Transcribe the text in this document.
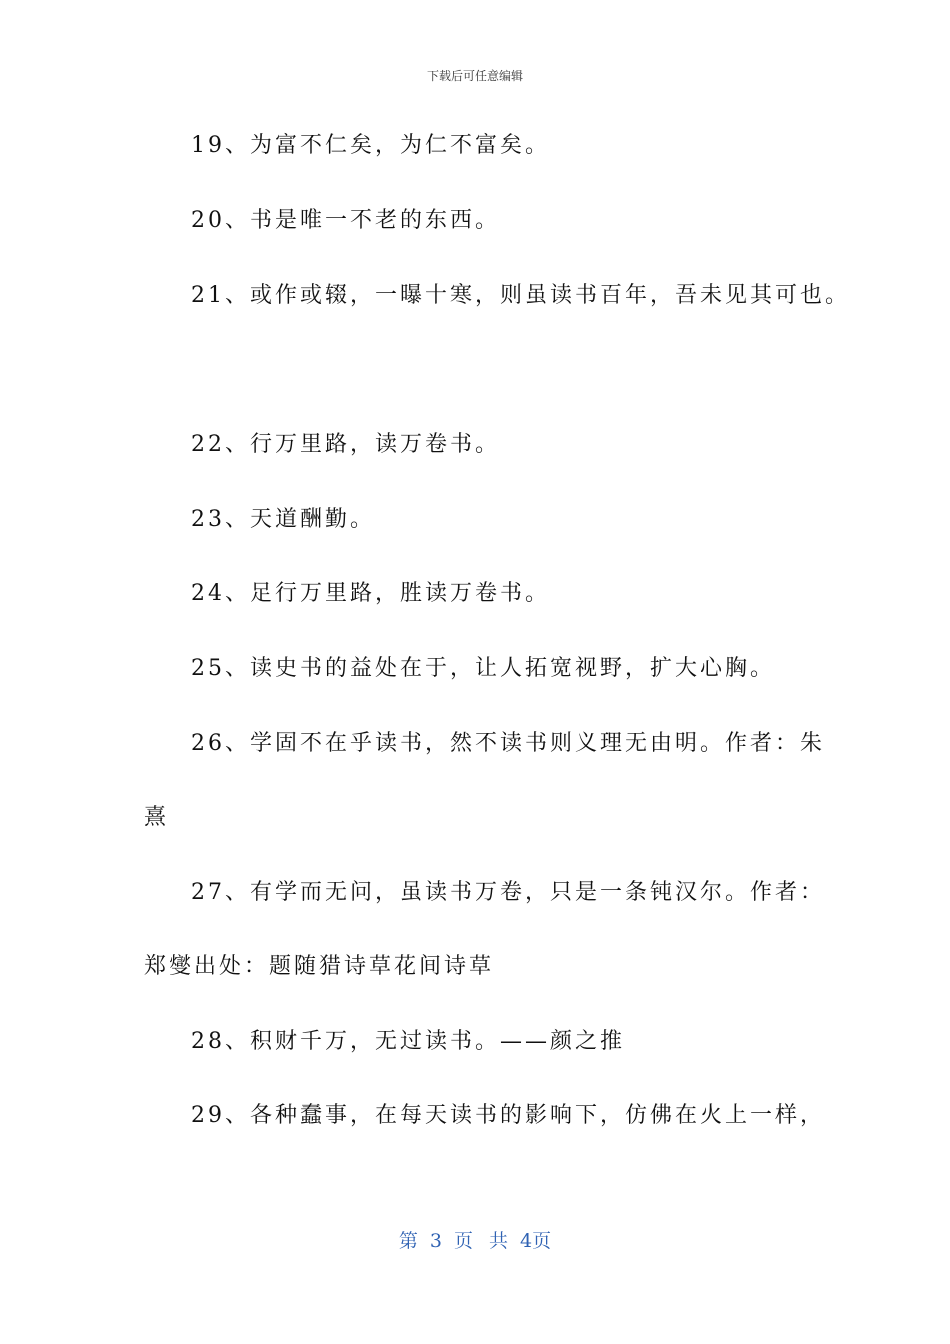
下载后可任意编辑
19、为富不仁矣，为仁不富矣。
20、书是唯一不老的东西。
21、或作或辍，一曝十寒，则虽读书百年，吾未见其可也。
22、行万里路，读万卷书。
23、天道酬勤。
24、足行万里路，胜读万卷书。
25、读史书的益处在于，让人拓宽视野，扩大心胸。
26、学固不在乎读书，然不读书则义理无由明。作者：朱
熹
27、有学而无问，虽读书万卷，只是一条钝汉尔。作者：
郑燮出处：题随猎诗草花间诗草
28、积财千万，无过读书。——颜之推
29、各种蠢事，在每天读书的影响下，仿佛在火上一样，
第 3 页 共 4页
